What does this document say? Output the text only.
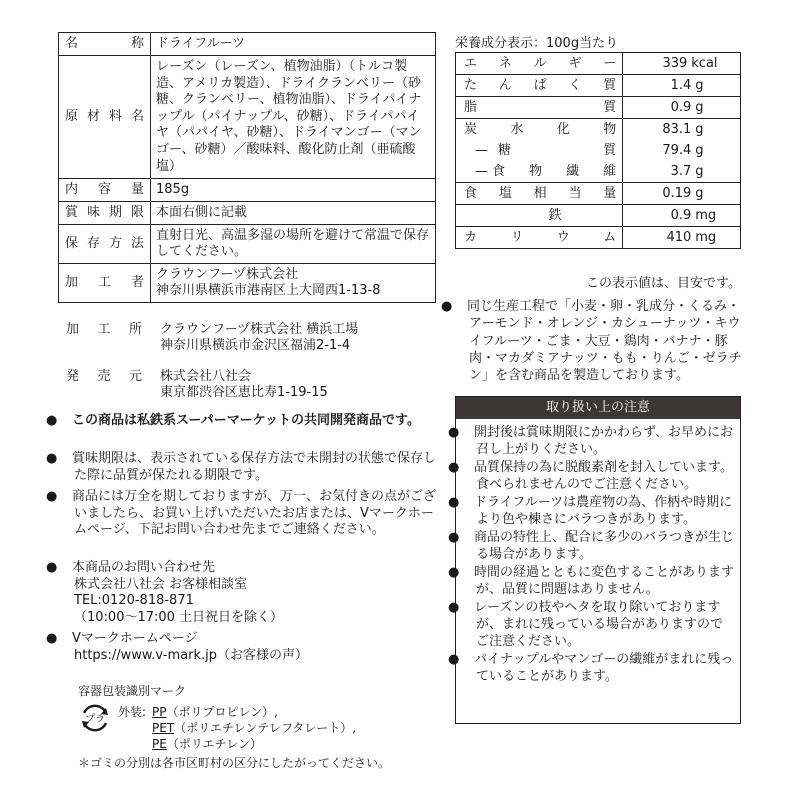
名称	ドライフルーツ
原材料名	レーズン（レーズン、植物油脂）（トルコ製造、アメリカ製造）、ドライクランベリー（砂糖、クランベリー、植物油脂）、ドライパイナップル（パイナップル、砂糖）、ドライパパイヤ（パパイヤ、砂糖）、ドライマンゴー（マンゴー、砂糖）／酸味料、酸化防止剤（亜硫酸塩）
内容量	185g
賞味期限	本面右側に記載
保存方法	直射日光、高温多湿の場所を避けて常温で保存してください。
加工者	クラウンフーヅ株式会社
神奈川県横浜市港南区上大岡西1-13-8
加工所 クラウンフーヅ株式会社 横浜工場
神奈川県横浜市金沢区福浦2-1-4
発売元 株式会社八社会
東京都渋谷区恵比寿1-19-15
● この商品は私鉄系スーパーマーケットの共同開発商品です。
● 賞味期限は、表示されている保存方法で未開封の状態で保存した際に品質が保たれる期限です。
● 商品には万全を期しておりますが、万一、お気付きの点がございましたら、お買い上げいただいたお店または、Vマークホームページ、下記お問い合わせ先までご連絡ください。
● 本商品のお問い合わせ先
株式会社八社会 お客様相談室
TEL:0120-818-871
（10:00～17:00 土日祝日を除く）
● Vマークホームページ
https://www.v-mark.jp（お客様の声）
容器包装識別マーク
プラ
外装: PP（ポリプロピレン）,
PET（ポリエチレンテレフタレート）,
PE（ポリエチレン）
＊ゴミの分別は各市区町村の区分にしたがってください。
栄養成分表示：100g当たり
エネルギー	339 kcal

たんぱく質	1.4 g

脂質	0.9 g

炭水化物	83.1 g

— 糖質	79.4 g

— 食物繊維	3.7 g

食塩相当量	0.19 g

鉄	0.9 mg

カリウム	410 mg
この表示値は、目安です。
● 同じ生産工程で「小麦・卵・乳成分・くるみ・アーモンド・オレンジ・カシューナッツ・キウイフルーツ・ごま・大豆・鶏肉・バナナ・豚肉・マカダミアナッツ・もも・りんご・ゼラチン」を含む商品を製造しております。
取り扱い上の注意
● 開封後は賞味期限にかかわらず、お早めにお召し上がりください。
● 品質保持の為に脱酸素剤を封入しています。食べられませんのでご注意ください。
● ドライフルーツは農産物の為、作柄や時期により色や棟さにバラつきがあります。
● 商品の特性上、配合に多少のバラつきが生じる場合があります。
● 時間の経過とともに変色することがありますが、品質に問題はありません。
● レーズンの枝やヘタを取り除いておりますが、まれに残っている場合がありますのでご注意ください。
● パイナップルやマンゴーの繊維がまれに残っていることがあります。
